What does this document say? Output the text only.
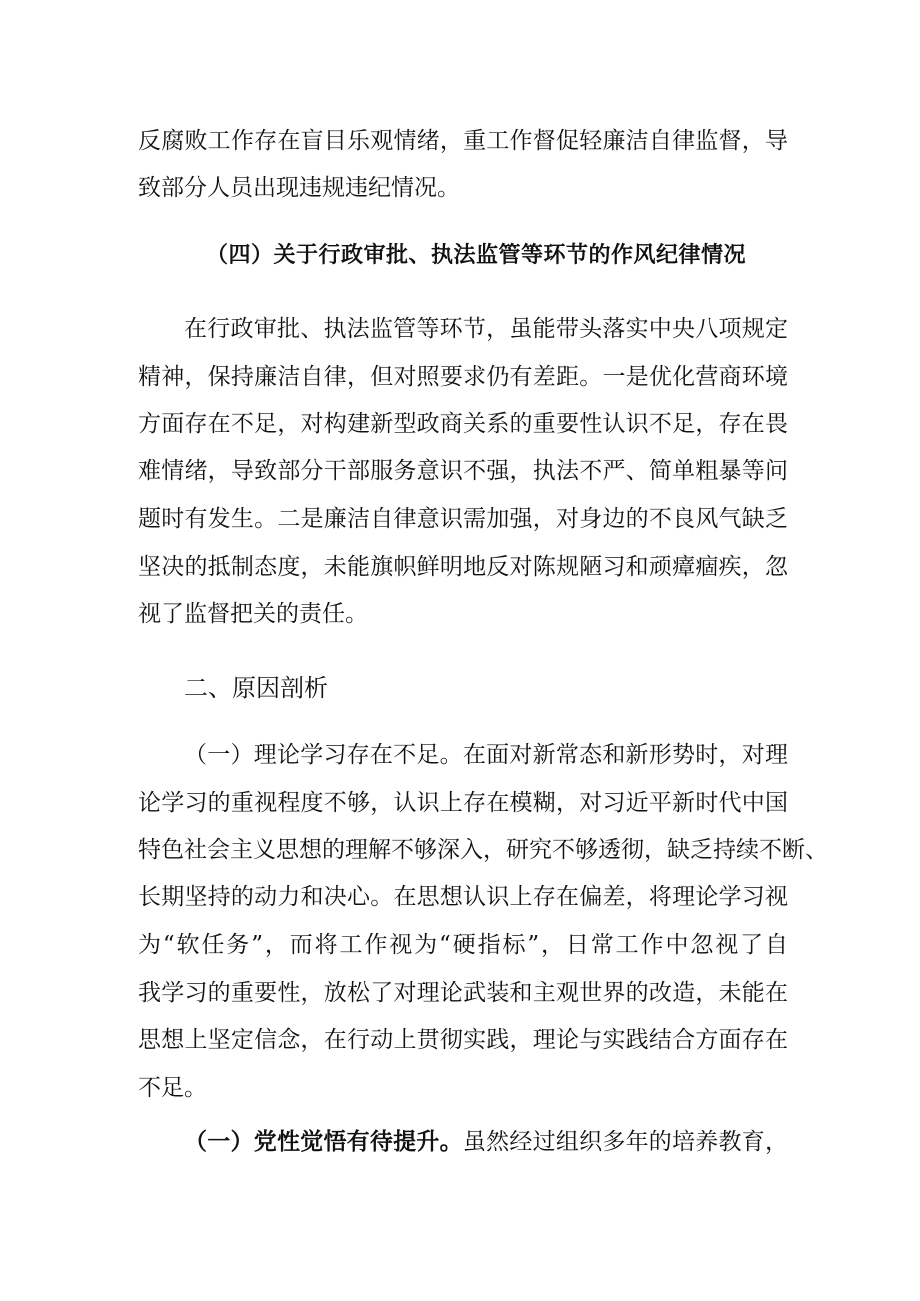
反腐败工作存在盲目乐观情绪，重工作督促轻廉洁自律监督，导
致部分人员出现违规违纪情况。
（四）关于行政审批、执法监管等环节的作风纪律情况
在行政审批、执法监管等环节，虽能带头落实中央八项规定
精神，保持廉洁自律，但对照要求仍有差距。一是优化营商环境
方面存在不足，对构建新型政商关系的重要性认识不足，存在畏
难情绪，导致部分干部服务意识不强，执法不严、简单粗暴等问
题时有发生。二是廉洁自律意识需加强，对身边的不良风气缺乏
坚决的抵制态度，未能旗帜鲜明地反对陈规陋习和顽瘴痼疾，忽
视了监督把关的责任。
二、原因剖析
（一）理论学习存在不足。在面对新常态和新形势时，对理
论学习的重视程度不够，认识上存在模糊，对习近平新时代中国
特色社会主义思想的理解不够深入，研究不够透彻，缺乏持续不断、
长期坚持的动力和决心。在思想认识上存在偏差，将理论学习视
为“软任务”，而将工作视为“硬指标”，日常工作中忽视了自
我学习的重要性，放松了对理论武装和主观世界的改造，未能在
思想上坚定信念，在行动上贯彻实践，理论与实践结合方面存在
不足。
（一）党性觉悟有待提升。虽然经过组织多年的培养教育，
